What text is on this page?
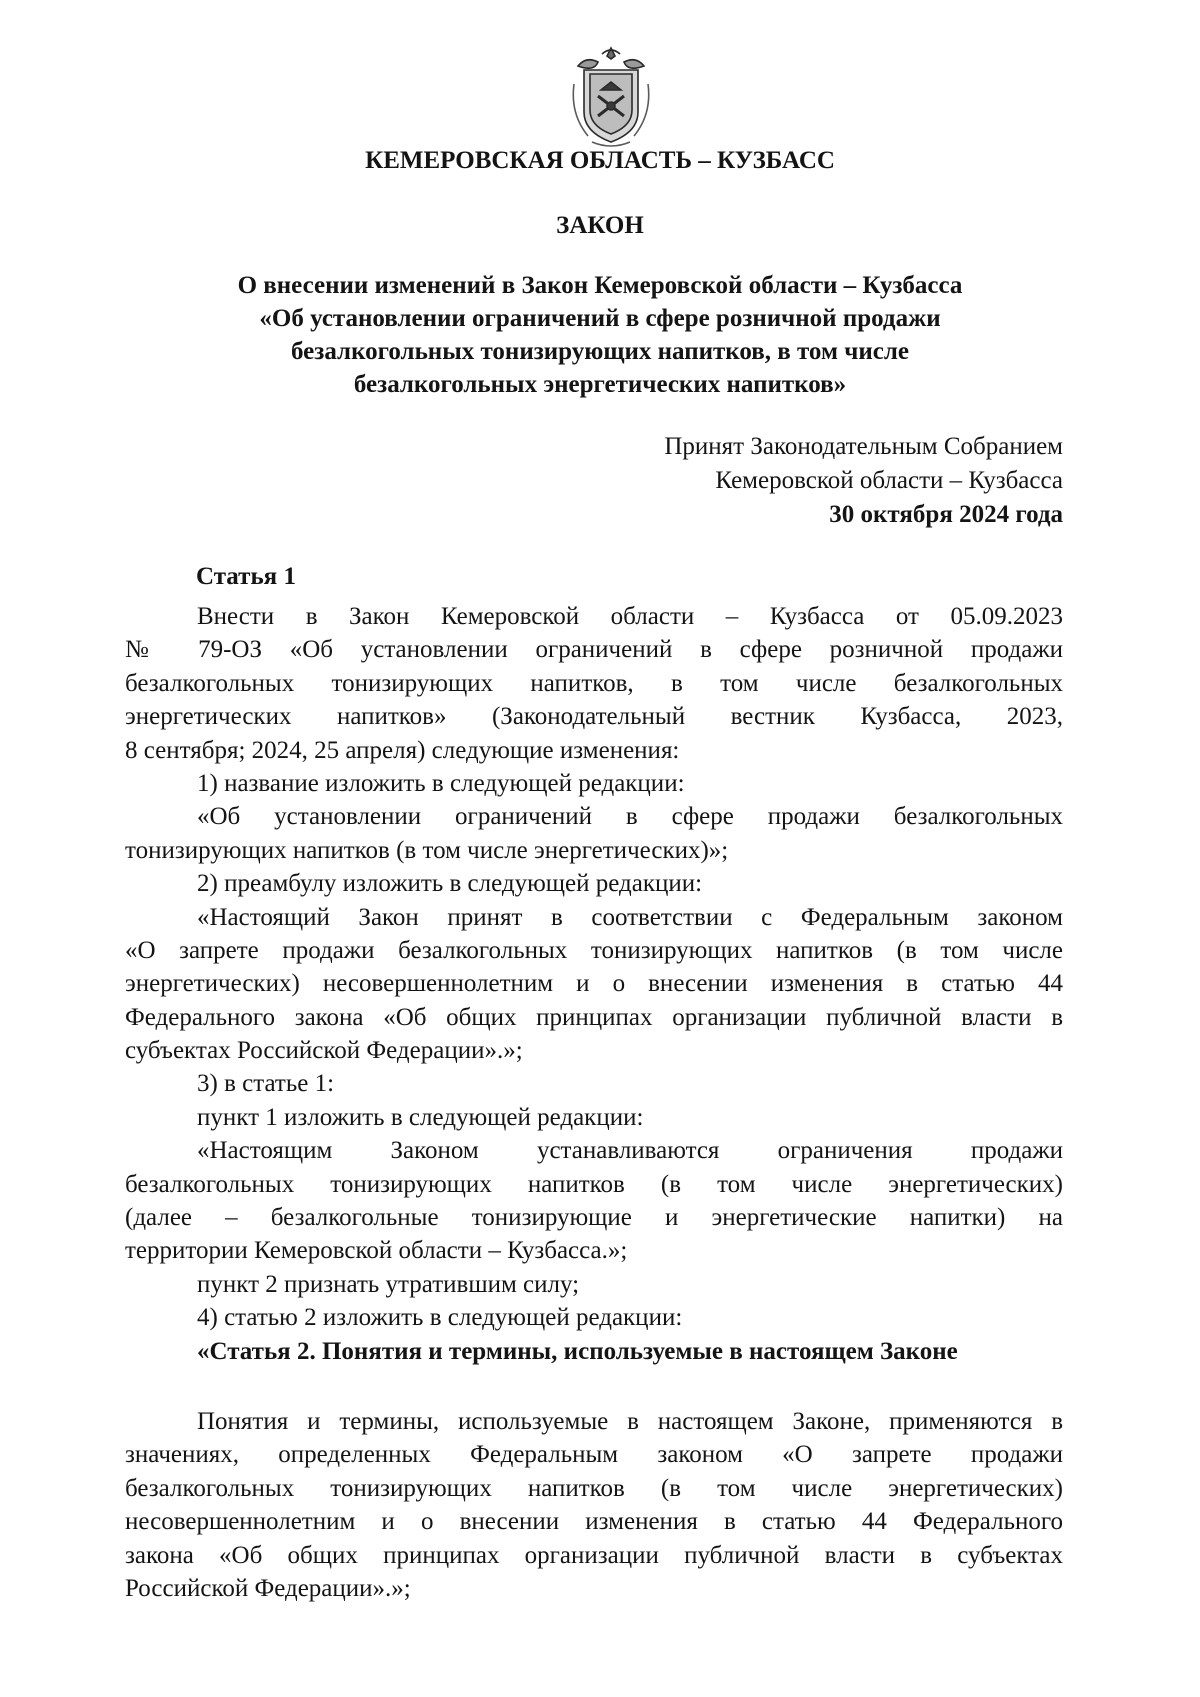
КЕМЕРОВСКАЯ ОБЛАСТЬ – КУЗБАСС
ЗАКОН
О внесении изменений в Закон Кемеровской области – Кузбасса
«Об установлении ограничений в сфере розничной продажи
безалкогольных тонизирующих напитков, в том числе
безалкогольных энергетических напитков»
Принят Законодательным Собранием
Кемеровской области – Кузбасса
30 октября 2024 года
Статья 1
Внести в Закон Кемеровской области – Кузбасса от 05.09.2023
№ 79-ОЗ «Об установлении ограничений в сфере розничной продажи
безалкогольных тонизирующих напитков, в том числе безалкогольных
энергетических напитков» (Законодательный вестник Кузбасса, 2023,
8 сентября; 2024, 25 апреля) следующие изменения:
1) название изложить в следующей редакции:
«Об установлении ограничений в сфере продажи безалкогольных
тонизирующих напитков (в том числе энергетических)»;
2) преамбулу изложить в следующей редакции:
«Настоящий Закон принят в соответствии с Федеральным законом
«О запрете продажи безалкогольных тонизирующих напитков (в том числе
энергетических) несовершеннолетним и о внесении изменения в статью 44
Федерального закона «Об общих принципах организации публичной власти в
субъектах Российской Федерации».»;
3) в статье 1:
пункт 1 изложить в следующей редакции:
«Настоящим Законом устанавливаются ограничения продажи
безалкогольных тонизирующих напитков (в том числе энергетических)
(далее – безалкогольные тонизирующие и энергетические напитки) на
территории Кемеровской области – Кузбасса.»;
пункт 2 признать утратившим силу;
4) статью 2 изложить в следующей редакции:
«Статья 2. Понятия и термины, используемые в настоящем Законе
Понятия и термины, используемые в настоящем Законе, применяются в
значениях, определенных Федеральным законом «О запрете продажи
безалкогольных тонизирующих напитков (в том числе энергетических)
несовершеннолетним и о внесении изменения в статью 44 Федерального
закона «Об общих принципах организации публичной власти в субъектах
Российской Федерации».»;
